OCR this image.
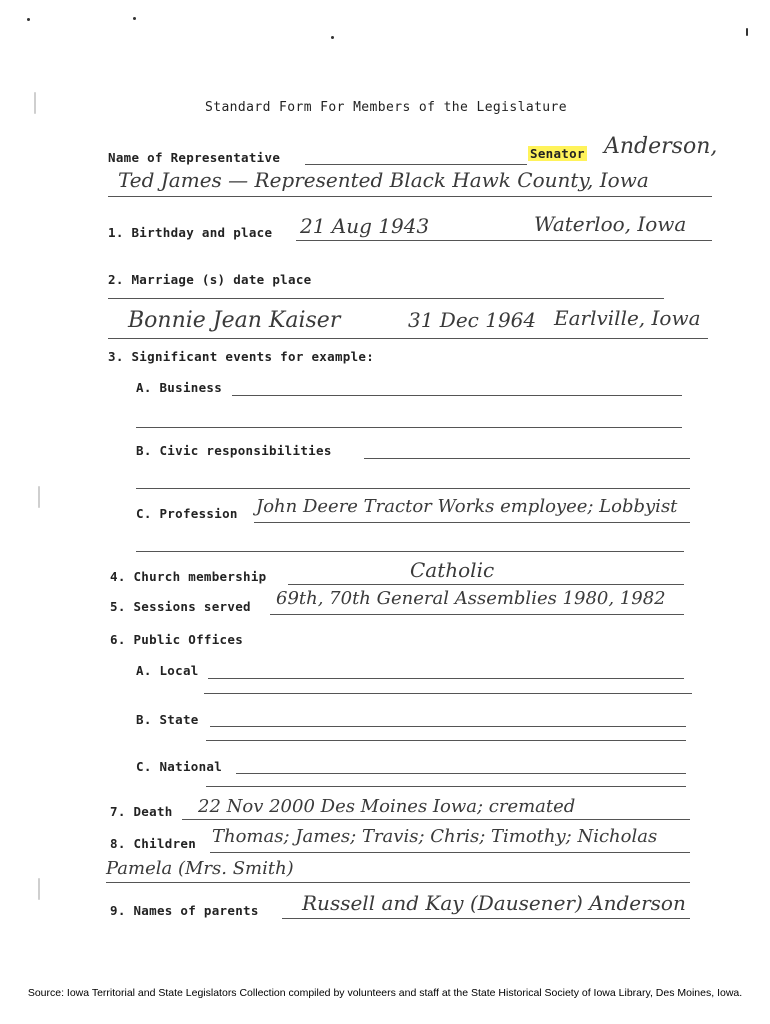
Standard Form For Members of the Legislature
Name of Representative	Senator Anderson,
Ted James — Represented Black Hawk County, Iowa
1. Birthday and place 21 Aug 1943	Waterloo, Iowa
2. Marriage (s) date place
Bonnie Jean Kaiser	31 Dec 1964 Earlville, Iowa
3. Significant events for example:
A. Business
B. Civic responsibilities
C. Profession John Deere Tractor Works employee; Lobbyist
4. Church membership	Catholic
5. Sessions served 69th, 70th General Assemblies 1980, 1982
6. Public Offices
A. Local
B. State
C. National
7. Death 22 Nov 2000 Des Moines Iowa; cremated
8. Children Thomas; James; Travis; Chris; Timothy; Nicholas
Pamela (Mrs. Smith)
9. Names of parents Russell and Kay (Dausener) Anderson
Source: Iowa Territorial and State Legislators Collection compiled by volunteers and staff at the State Historical Society of Iowa Library, Des Moines, Iowa.
